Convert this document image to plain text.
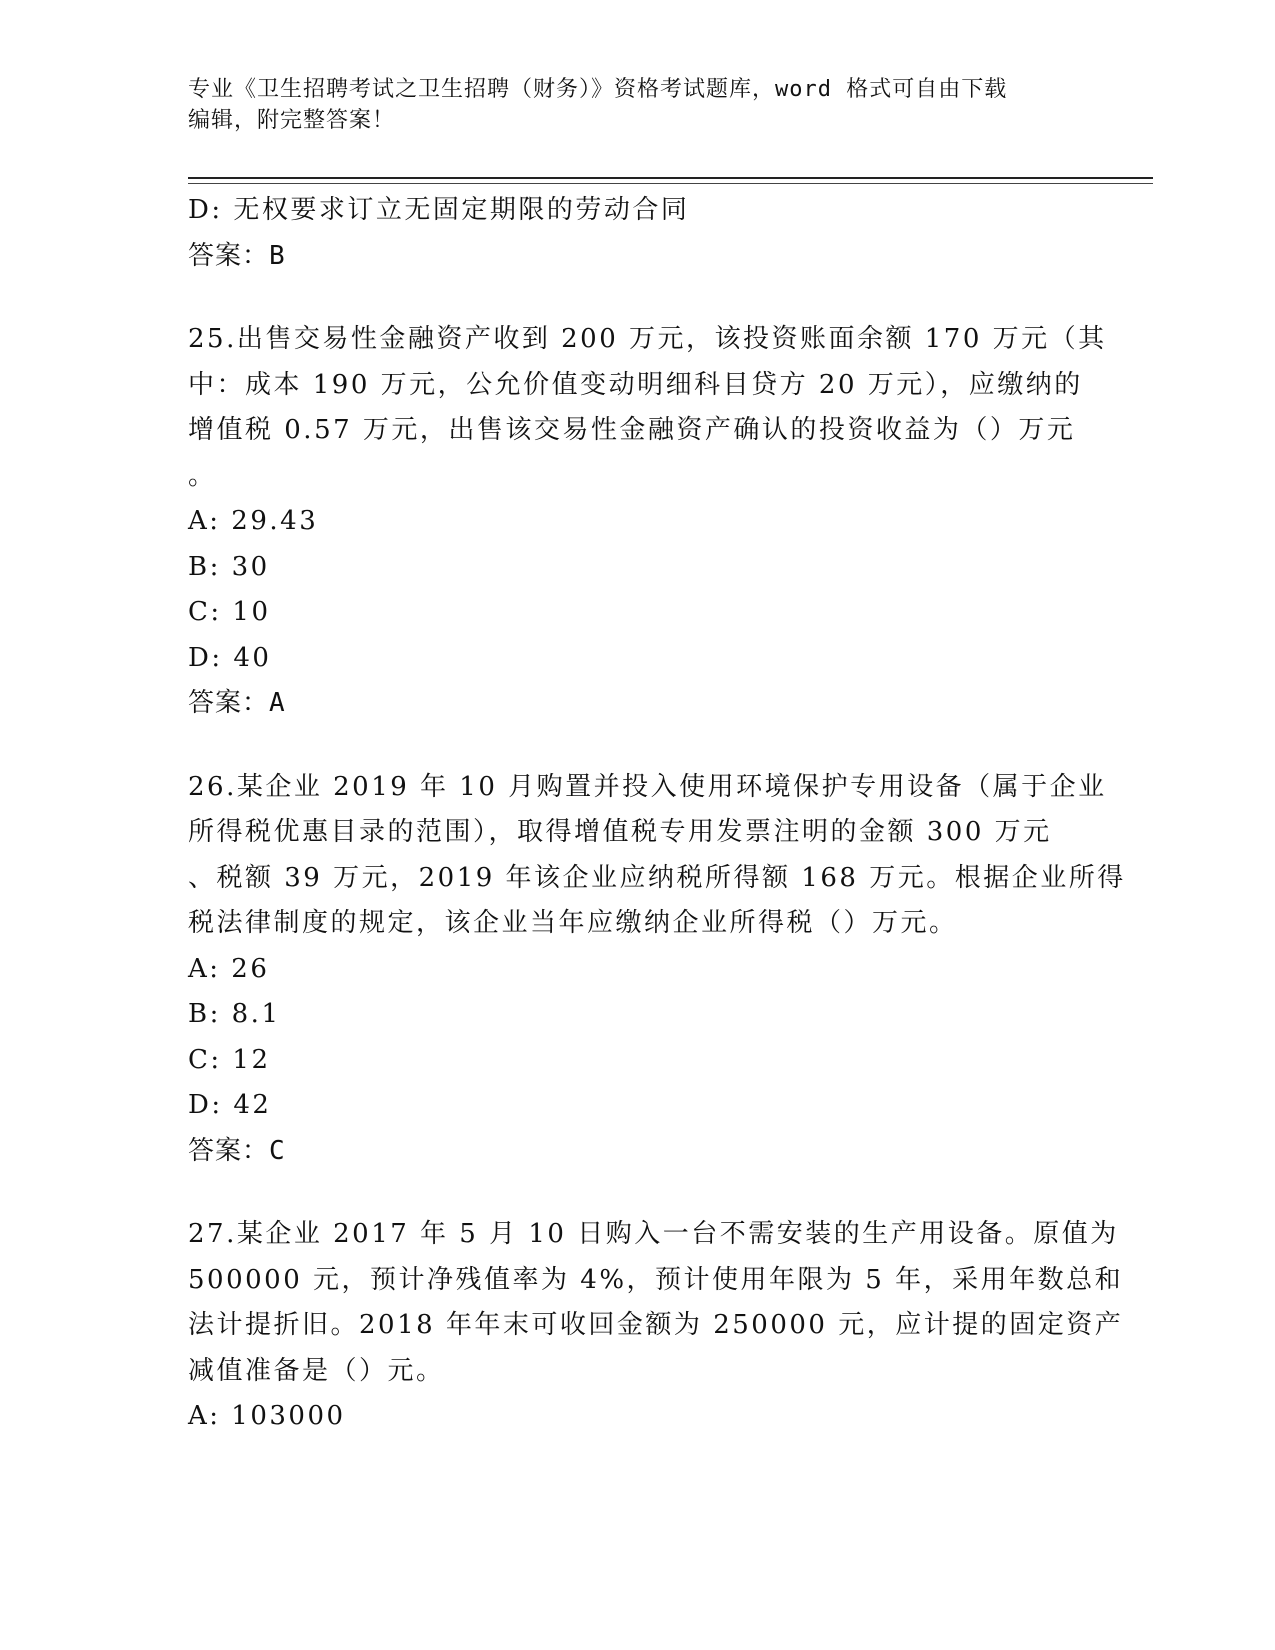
专业《卫生招聘考试之卫生招聘（财务）》资格考试题库，word 格式可自由下载
编辑，附完整答案！
D: 无权要求订立无固定期限的劳动合同
答案：B
25.出售交易性金融资产收到 200 万元，该投资账面余额 170 万元（其
中：成本 190 万元，公允价值变动明细科目贷方 20 万元），应缴纳的
增值税 0.57 万元，出售该交易性金融资产确认的投资收益为（）万元
。
A: 29.43
B: 30
C: 10
D: 40
答案：A
26.某企业 2019 年 10 月购置并投入使用环境保护专用设备（属于企业
所得税优惠目录的范围），取得增值税专用发票注明的金额 300 万元
、税额 39 万元，2019 年该企业应纳税所得额 168 万元。根据企业所得
税法律制度的规定，该企业当年应缴纳企业所得税（）万元。
A: 26
B: 8.1
C: 12
D: 42
答案：C
27.某企业 2017 年 5 月 10 日购入一台不需安装的生产用设备。原值为
500000 元，预计净残值率为 4%，预计使用年限为 5 年，采用年数总和
法计提折旧。2018 年年末可收回金额为 250000 元，应计提的固定资产
减值准备是（）元。
A: 103000
